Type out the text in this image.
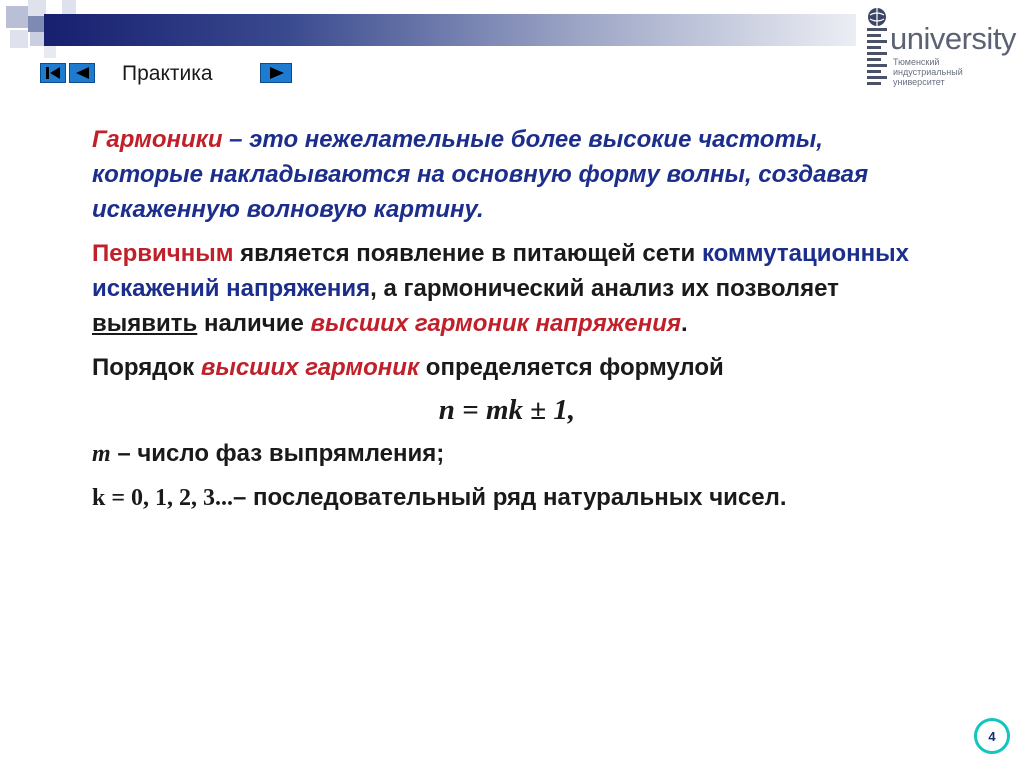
Практика
university
Тюменский
индустриальный
университет

Гармоники – это нежелательные более высокие частоты, которые накладываются на основную форму волны, создавая искаженную волновую картину.

Первичным является появление в питающей сети коммутационных искажений напряжения, а гармонический анализ их позволяет выявить наличие высших гармоник напряжения.

Порядок высших гармоник определяется формулой

n = mk ± 1,

m – число фаз выпрямления;

k = 0, 1, 2, 3...– последовательный ряд натуральных чисел.

4
